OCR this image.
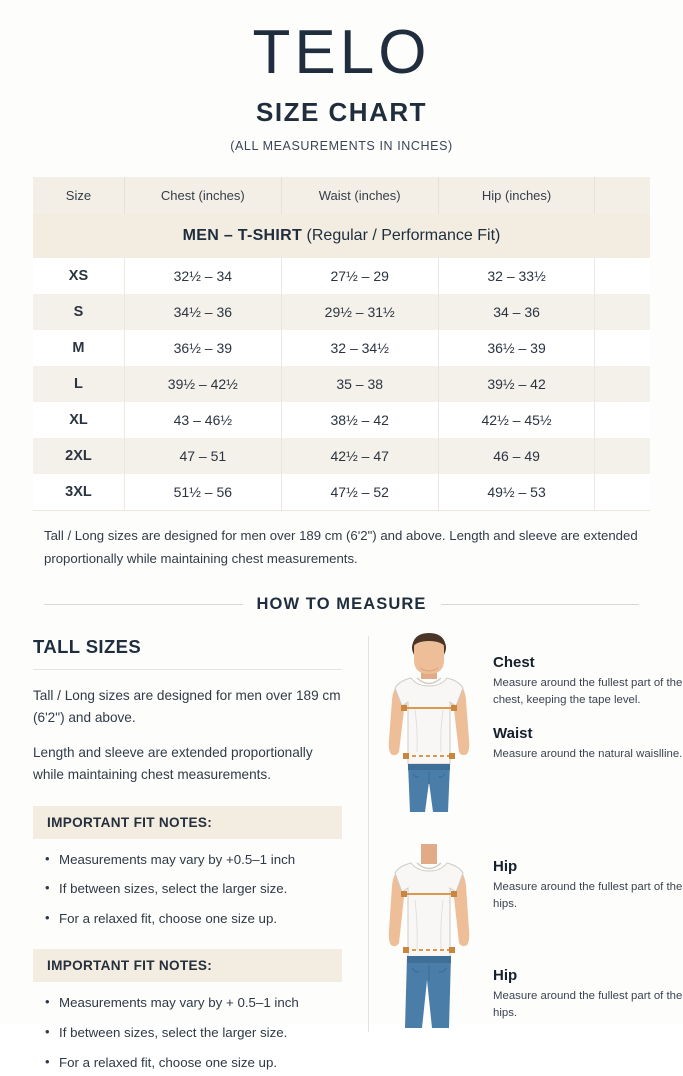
TELO
SIZE CHART
(ALL MEASUREMENTS IN INCHES)
MEN – T-SHIRT (Regular / Performance Fit)				
Size	Chest (inches)	Waist (inches)	Hip (inches)	
XS	32½ – 34	27½ – 29	32 – 33½	
S	34½ – 36	29½ – 31½	34 – 36	
M	36½ – 39	32 – 34½	36½ – 39	
L	39½ – 42½	35 – 38	39½ – 42	
XL	43 – 46½	38½ – 42	42½ – 45½	
2XL	47 – 51	42½ – 47	46 – 49	
3XL	51½ – 56	47½ – 52	49½ – 53	
Tall / Long sizes are designed for men over 189 cm (6ʹ2") and above. Length and sleeve are extended proportionally while maintaining chest measurements.
HOW TO MEASURE
TALL SIZES
Tall / Long sizes are designed for men over 189 cm (6ʹ2") and above.
Length and sleeve are extended proportionally while maintaining chest measurements.
IMPORTANT FIT NOTES:
• Measurements may vary by +0.5–1 inch
• If between sizes, select the larger size.
• For a relaxed fit, choose one size up.
IMPORTANT FIT NOTES:
• Measurements may vary by + 0.5–1 inch
• If between sizes, select the larger size.
• For a relaxed fit, choose one size up.
Chest
Measure around the fullest part of the chest, keeping the tape level.
Waist
Measure around the natural waislline.
Hip
Measure around the fullest part of the hips.
Hip
Measure around the fullest part of the hips.
